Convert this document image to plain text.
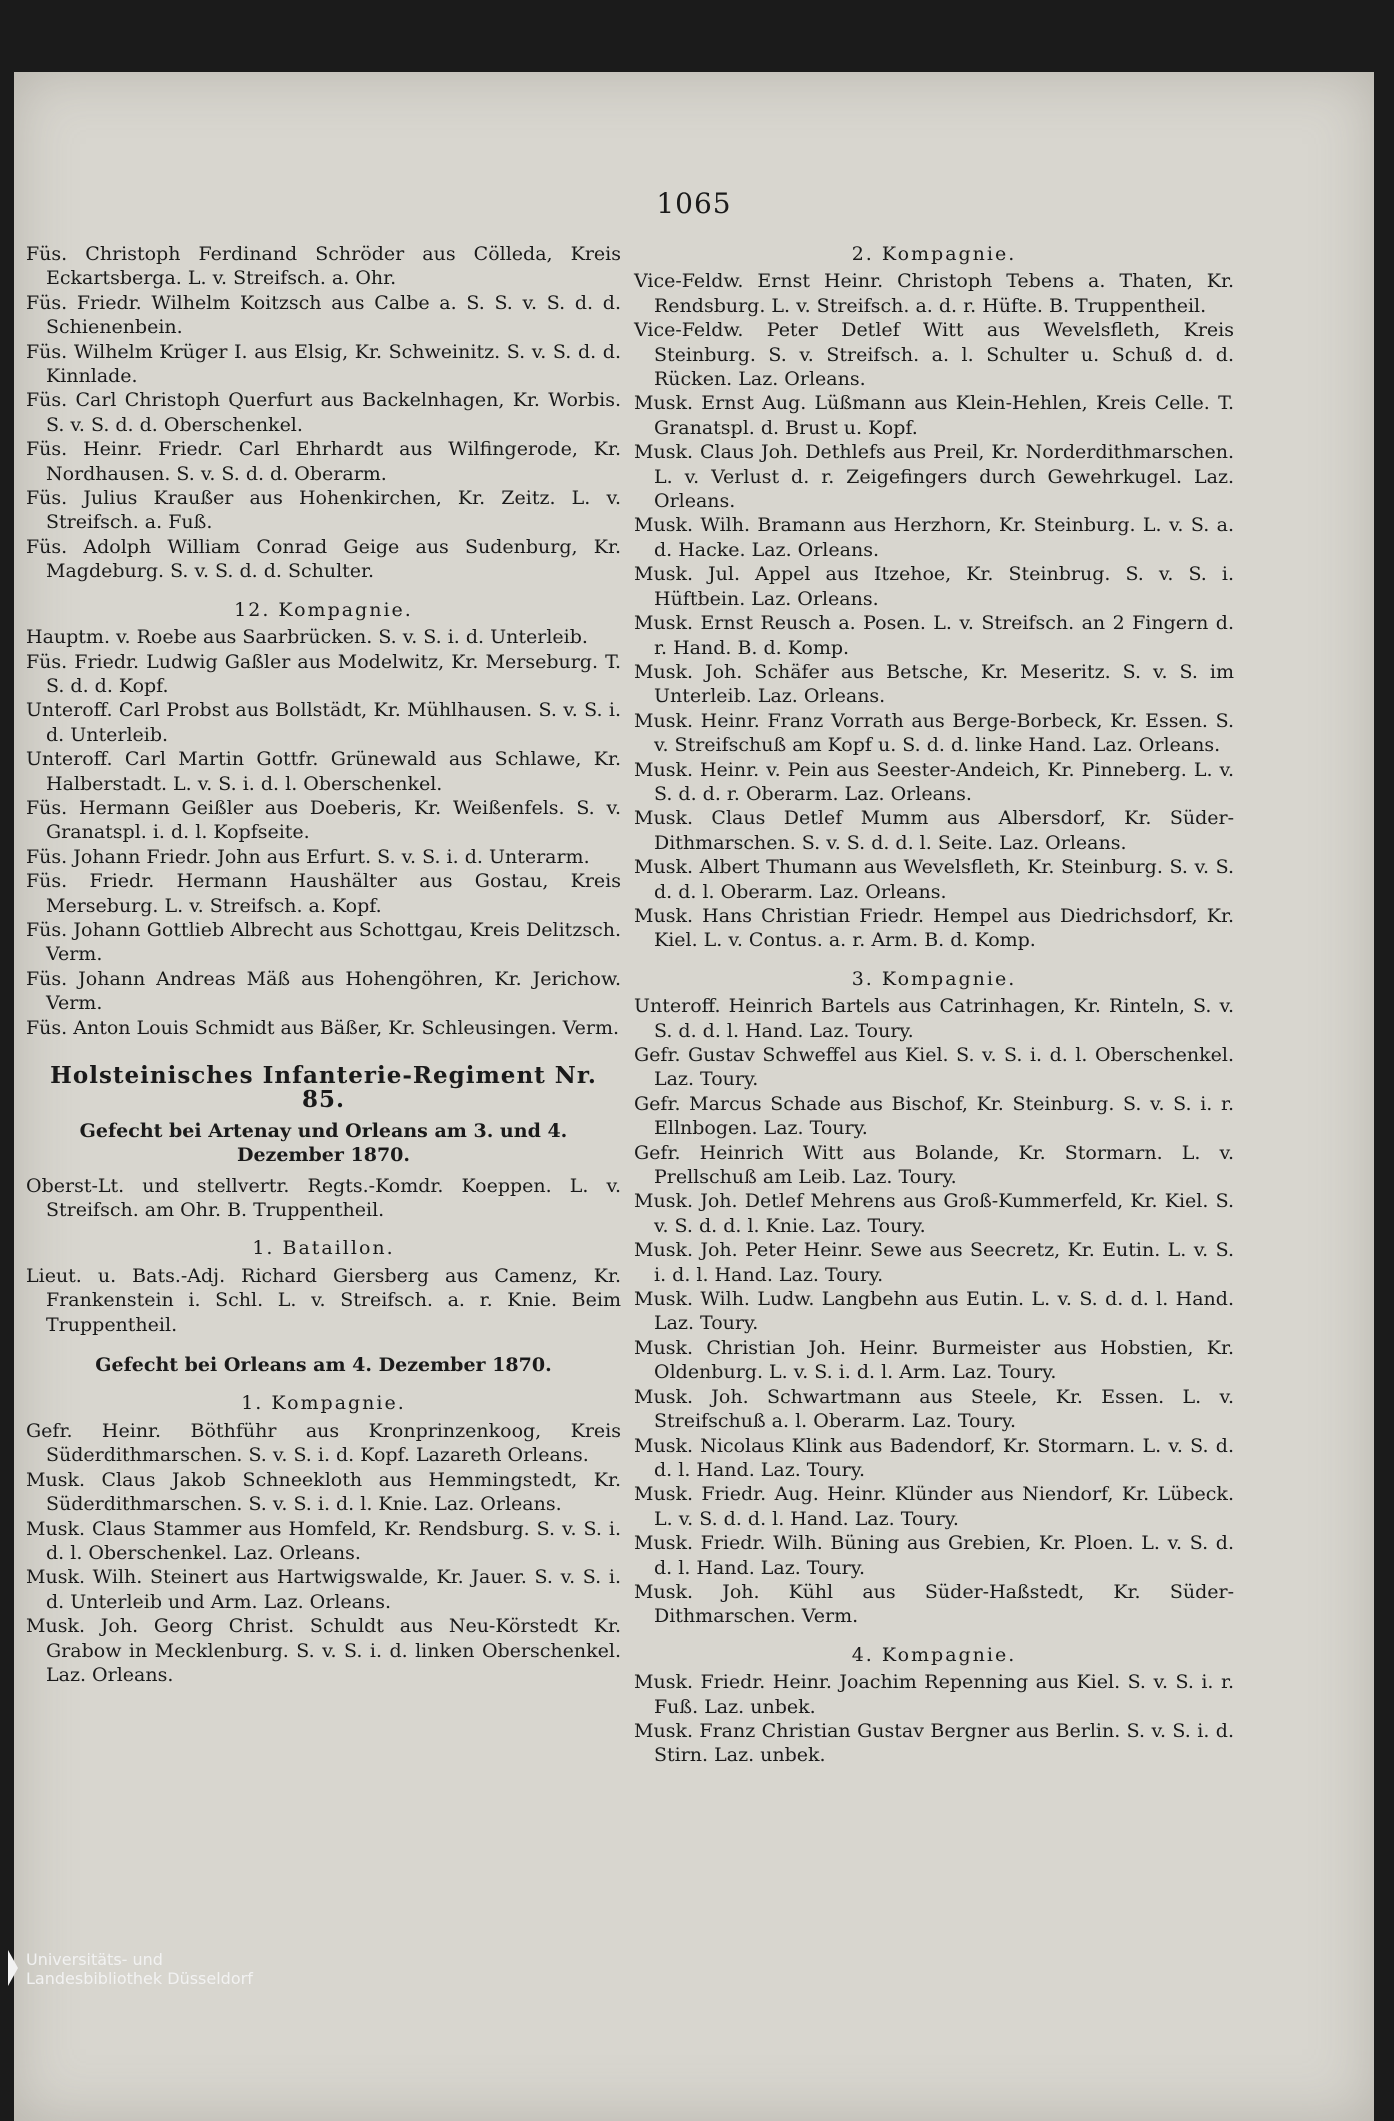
1065

Füs. Christoph Ferdinand Schröder aus Cölleda, Kreis Eckartsberga. L. v. Streifsch. a. Ohr.

Füs. Friedr. Wilhelm Koitzsch aus Calbe a. S. S. v. S. d. d. Schienenbein.

Füs. Wilhelm Krüger I. aus Elsig, Kr. Schweinitz. S. v. S. d. d. Kinnlade.

Füs. Carl Christoph Querfurt aus Backelnhagen, Kr. Worbis. S. v. S. d. d. Oberschenkel.

Füs. Heinr. Friedr. Carl Ehrhardt aus Wilfingerode, Kr. Nordhausen. S. v. S. d. d. Oberarm.

Füs. Julius Kraußer aus Hohenkirchen, Kr. Zeitz. L. v. Streifsch. a. Fuß.

Füs. Adolph William Conrad Geige aus Sudenburg, Kr. Magdeburg. S. v. S. d. d. Schulter.

12. Kompagnie.

Hauptm. v. Roebe aus Saarbrücken. S. v. S. i. d. Unterleib.

Füs. Friedr. Ludwig Gaßler aus Modelwitz, Kr. Merseburg. T. S. d. d. Kopf.

Unteroff. Carl Probst aus Bollstädt, Kr. Mühlhausen. S. v. S. i. d. Unterleib.

Unteroff. Carl Martin Gottfr. Grünewald aus Schlawe, Kr. Halberstadt. L. v. S. i. d. l. Oberschenkel.

Füs. Hermann Geißler aus Doeberis, Kr. Weißenfels. S. v. Granatspl. i. d. l. Kopfseite.

Füs. Johann Friedr. John aus Erfurt. S. v. S. i. d. Unterarm.

Füs. Friedr. Hermann Haushälter aus Gostau, Kreis Merseburg. L. v. Streifsch. a. Kopf.

Füs. Johann Gottlieb Albrecht aus Schottgau, Kreis Delitzsch. Verm.

Füs. Johann Andreas Mäß aus Hohengöhren, Kr. Jerichow. Verm.

Füs. Anton Louis Schmidt aus Bäßer, Kr. Schleusingen. Verm.

Holsteinisches Infanterie-Regiment Nr. 85.

Gefecht bei Artenay und Orleans am 3. und 4. Dezember 1870.

Oberst-Lt. und stellvertr. Regts.-Komdr. Koeppen. L. v. Streifsch. am Ohr. B. Truppentheil.

1. Bataillon.

Lieut. u. Bats.-Adj. Richard Giersberg aus Camenz, Kr. Frankenstein i. Schl. L. v. Streifsch. a. r. Knie. Beim Truppentheil.

Gefecht bei Orleans am 4. Dezember 1870.

1. Kompagnie.

Gefr. Heinr. Böthführ aus Kronprinzenkoog, Kreis Süderdithmarschen. S. v. S. i. d. Kopf. Lazareth Orleans.

Musk. Claus Jakob Schneekloth aus Hemmingstedt, Kr. Süderdithmarschen. S. v. S. i. d. l. Knie. Laz. Orleans.

Musk. Claus Stammer aus Homfeld, Kr. Rendsburg. S. v. S. i. d. l. Oberschenkel. Laz. Orleans.

Musk. Wilh. Steinert aus Hartwigswalde, Kr. Jauer. S. v. S. i. d. Unterleib und Arm. Laz. Orleans.

Musk. Joh. Georg Christ. Schuldt aus Neu-Körstedt Kr. Grabow in Mecklenburg. S. v. S. i. d. linken Oberschenkel. Laz. Orleans.

2. Kompagnie.

Vice-Feldw. Ernst Heinr. Christoph Tebens a. Thaten, Kr. Rendsburg. L. v. Streifsch. a. d. r. Hüfte. B. Truppentheil.

Vice-Feldw. Peter Detlef Witt aus Wevelsfleth, Kreis Steinburg. S. v. Streifsch. a. l. Schulter u. Schuß d. d. Rücken. Laz. Orleans.

Musk. Ernst Aug. Lüßmann aus Klein-Hehlen, Kreis Celle. T. Granatspl. d. Brust u. Kopf.

Musk. Claus Joh. Dethlefs aus Preil, Kr. Norderdithmarschen. L. v. Verlust d. r. Zeigefingers durch Gewehrkugel. Laz. Orleans.

Musk. Wilh. Bramann aus Herzhorn, Kr. Steinburg. L. v. S. a. d. Hacke. Laz. Orleans.

Musk. Jul. Appel aus Itzehoe, Kr. Steinbrug. S. v. S. i. Hüftbein. Laz. Orleans.

Musk. Ernst Reusch a. Posen. L. v. Streifsch. an 2 Fingern d. r. Hand. B. d. Komp.

Musk. Joh. Schäfer aus Betsche, Kr. Meseritz. S. v. S. im Unterleib. Laz. Orleans.

Musk. Heinr. Franz Vorrath aus Berge-Borbeck, Kr. Essen. S. v. Streifschuß am Kopf u. S. d. d. linke Hand. Laz. Orleans.

Musk. Heinr. v. Pein aus Seester-Andeich, Kr. Pinneberg. L. v. S. d. d. r. Oberarm. Laz. Orleans.

Musk. Claus Detlef Mumm aus Albersdorf, Kr. Süder-Dithmarschen. S. v. S. d. d. l. Seite. Laz. Orleans.

Musk. Albert Thumann aus Wevelsfleth, Kr. Steinburg. S. v. S. d. d. l. Oberarm. Laz. Orleans.

Musk. Hans Christian Friedr. Hempel aus Diedrichsdorf, Kr. Kiel. L. v. Contus. a. r. Arm. B. d. Komp.

3. Kompagnie.

Unteroff. Heinrich Bartels aus Catrinhagen, Kr. Rinteln, S. v. S. d. d. l. Hand. Laz. Toury.

Gefr. Gustav Schweffel aus Kiel. S. v. S. i. d. l. Oberschenkel. Laz. Toury.

Gefr. Marcus Schade aus Bischof, Kr. Steinburg. S. v. S. i. r. Ellnbogen. Laz. Toury.

Gefr. Heinrich Witt aus Bolande, Kr. Stormarn. L. v. Prellschuß am Leib. Laz. Toury.

Musk. Joh. Detlef Mehrens aus Groß-Kummerfeld, Kr. Kiel. S. v. S. d. d. l. Knie. Laz. Toury.

Musk. Joh. Peter Heinr. Sewe aus Seecretz, Kr. Eutin. L. v. S. i. d. l. Hand. Laz. Toury.

Musk. Wilh. Ludw. Langbehn aus Eutin. L. v. S. d. d. l. Hand. Laz. Toury.

Musk. Christian Joh. Heinr. Burmeister aus Hobstien, Kr. Oldenburg. L. v. S. i. d. l. Arm. Laz. Toury.

Musk. Joh. Schwartmann aus Steele, Kr. Essen. L. v. Streifschuß a. l. Oberarm. Laz. Toury.

Musk. Nicolaus Klink aus Badendorf, Kr. Stormarn. L. v. S. d. d. l. Hand. Laz. Toury.

Musk. Friedr. Aug. Heinr. Klünder aus Niendorf, Kr. Lübeck. L. v. S. d. d. l. Hand. Laz. Toury.

Musk. Friedr. Wilh. Büning aus Grebien, Kr. Ploen. L. v. S. d. d. l. Hand. Laz. Toury.

Musk. Joh. Kühl aus Süder-Haßstedt, Kr. Süder-Dithmarschen. Verm.

4. Kompagnie.

Musk. Friedr. Heinr. Joachim Repenning aus Kiel. S. v. S. i. r. Fuß. Laz. unbek.

Musk. Franz Christian Gustav Bergner aus Berlin. S. v. S. i. d. Stirn. Laz. unbek.

Universitäts- und
Landesbibliothek Düsseldorf
